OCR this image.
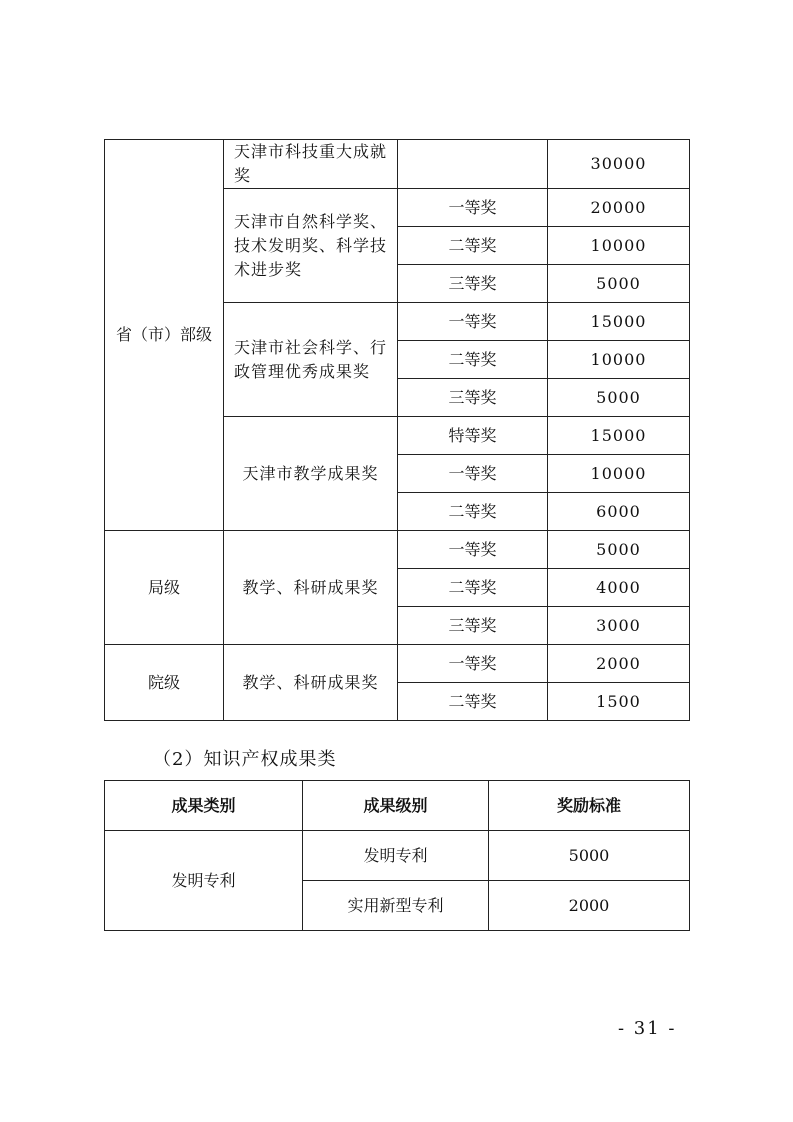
省（市）部级	天津市科技重大成就奖		30000
	天津市自然科学奖、技术发明奖、科学技术进步奖	一等奖	20000
		二等奖	10000
		三等奖	5000
	天津市社会科学、行政管理优秀成果奖	一等奖	15000
		二等奖	10000
		三等奖	5000
	天津市教学成果奖	特等奖	15000
		一等奖	10000
		二等奖	6000
局级	教学、科研成果奖	一等奖	5000
		二等奖	4000
		三等奖	3000
院级	教学、科研成果奖	一等奖	2000
		二等奖	1500
（2）知识产权成果类
成果类别	成果级别	奖励标准
发明专利	发明专利	5000
	实用新型专利	2000
- 31 -
